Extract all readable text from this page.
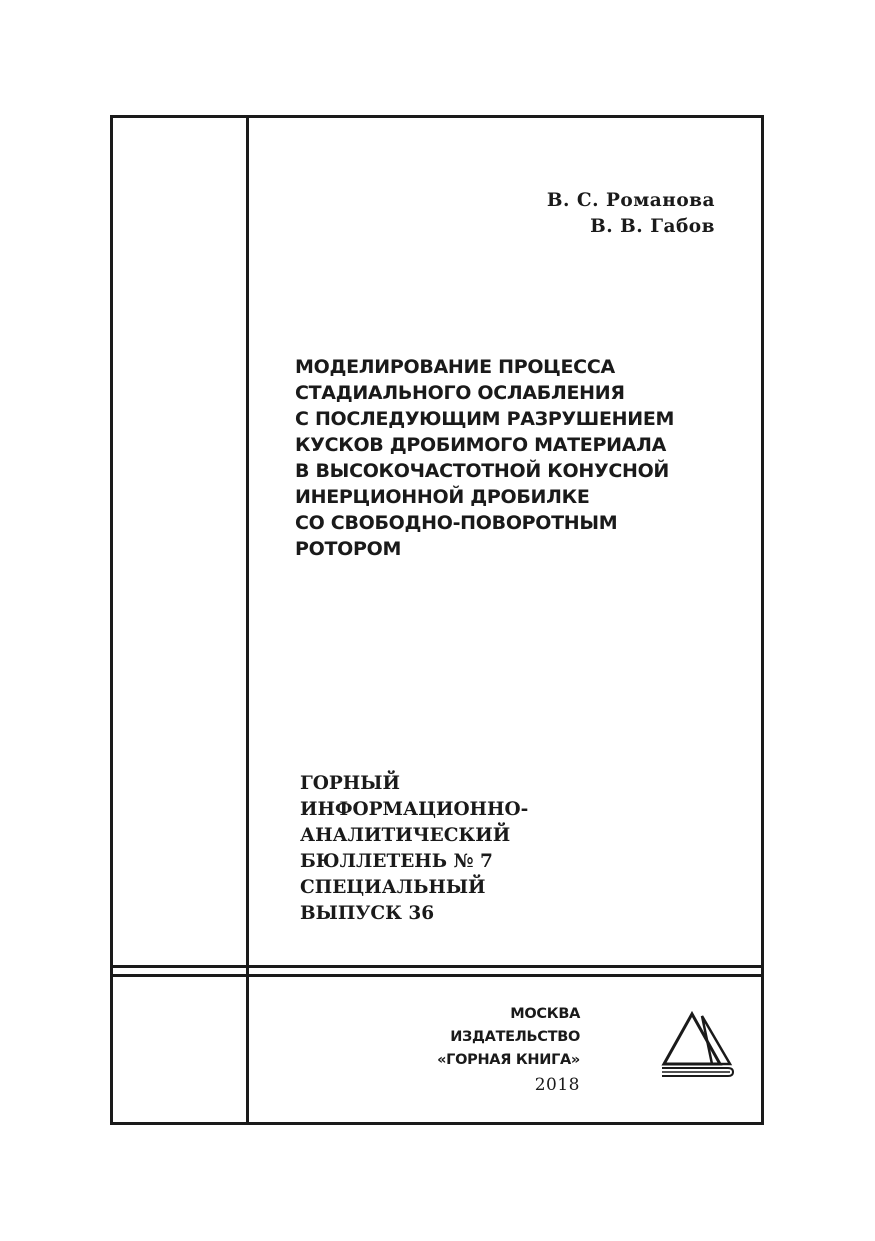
В. С. Романова
В. В. Габов
МОДЕЛИРОВАНИЕ ПРОЦЕССА
СТАДИАЛЬНОГО ОСЛАБЛЕНИЯ
С ПОСЛЕДУЮЩИМ РАЗРУШЕНИЕМ
КУСКОВ ДРОБИМОГО МАТЕРИАЛА
В ВЫСОКОЧАСТОТНОЙ КОНУСНОЙ
ИНЕРЦИОННОЙ ДРОБИЛКЕ
СО СВОБОДНО-ПОВОРОТНЫМ
РОТОРОМ
ГОРНЫЙ
ИНФОРМАЦИОННО-
АНАЛИТИЧЕСКИЙ
БЮЛЛЕТЕНЬ № 7
СПЕЦИАЛЬНЫЙ
ВЫПУСК 36
МОСКВА
ИЗДАТЕЛЬСТВО
«ГОРНАЯ КНИГА»
2018
